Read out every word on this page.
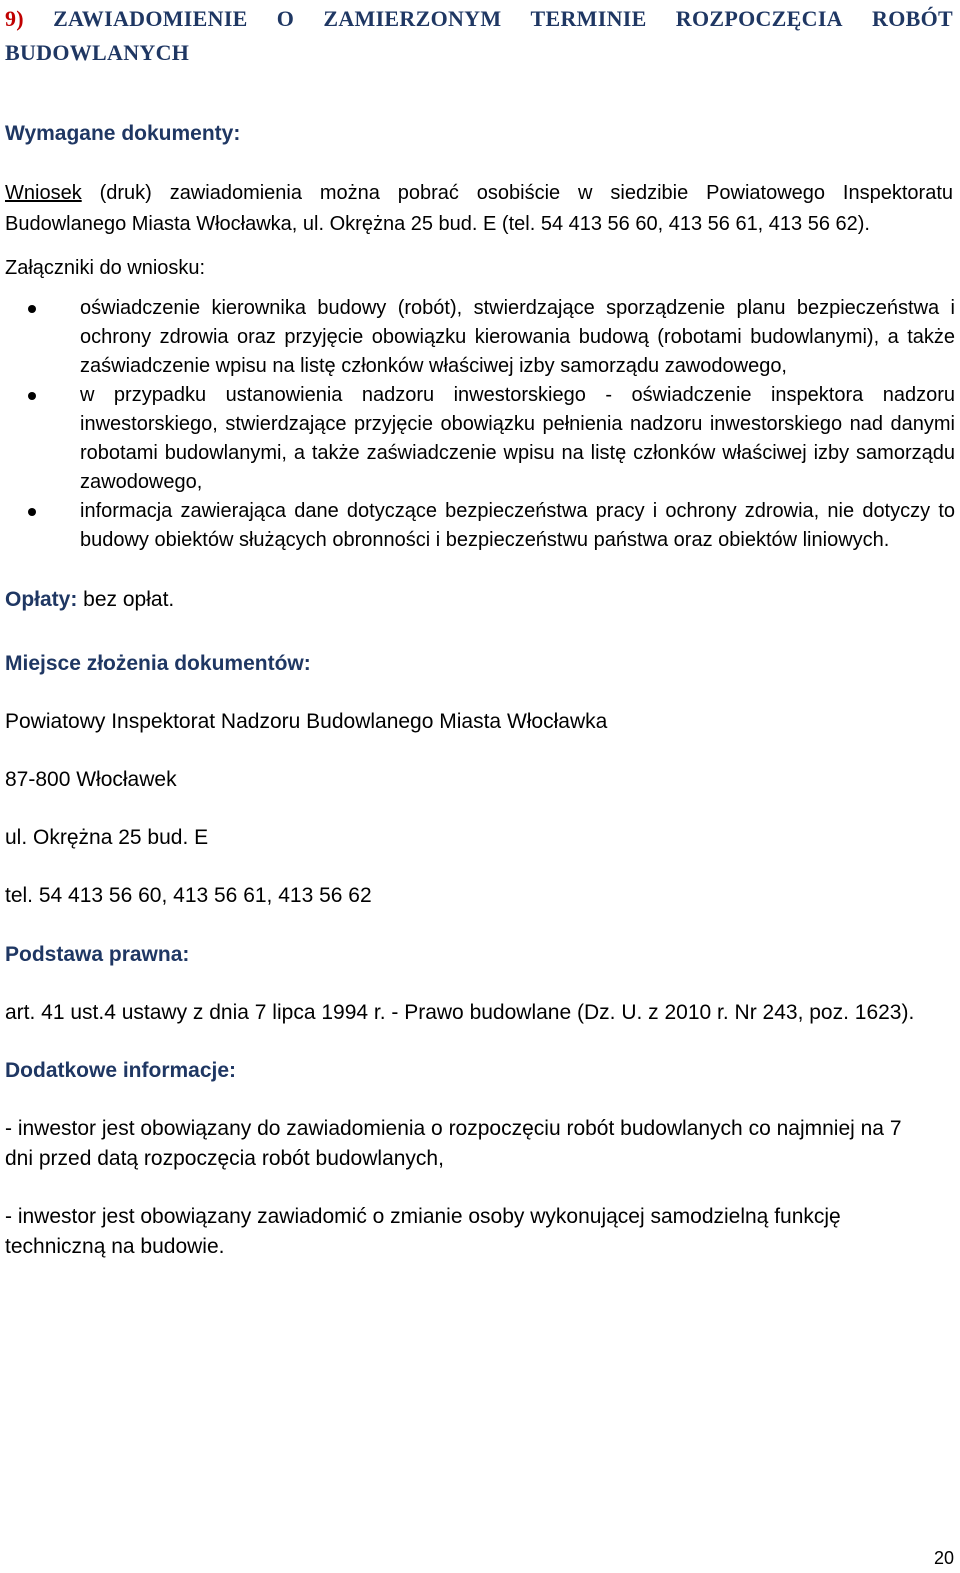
9) ZAWIADOMIENIE O ZAMIERZONYM TERMINIE ROZPOCZĘCIA ROBÓT
BUDOWLANYCH
Wymagane dokumenty:
Wniosek (druk) zawiadomienia można pobrać osobiście w siedzibie Powiatowego Inspektoratu Budowlanego Miasta Włocławka, ul. Okrężna 25 bud. E (tel. 54 413 56 60, 413 56 61, 413 56 62).
Załączniki do wniosku:
oświadczenie kierownika budowy (robót), stwierdzające sporządzenie planu bezpieczeństwa i ochrony zdrowia oraz przyjęcie obowiązku kierowania budową (robotami budowlanymi), a także zaświadczenie wpisu na listę członków właściwej izby samorządu zawodowego,
w przypadku ustanowienia nadzoru inwestorskiego - oświadczenie inspektora nadzoru inwestorskiego, stwierdzające przyjęcie obowiązku pełnienia nadzoru inwestorskiego nad danymi robotami budowlanymi, a także zaświadczenie wpisu na listę członków właściwej izby samorządu zawodowego,
informacja zawierająca dane dotyczące bezpieczeństwa pracy i ochrony zdrowia, nie dotyczy to budowy obiektów służących obronności i bezpieczeństwu państwa oraz obiektów liniowych.
Opłaty: bez opłat.
Miejsce złożenia dokumentów:
Powiatowy Inspektorat Nadzoru Budowlanego Miasta Włocławka
87-800 Włocławek
ul. Okrężna 25 bud. E
tel. 54 413 56 60, 413 56 61, 413 56 62
Podstawa prawna:
art. 41 ust.4 ustawy z dnia 7 lipca 1994 r. - Prawo budowlane (Dz. U. z 2010 r. Nr 243, poz. 1623).
Dodatkowe informacje:
- inwestor jest obowiązany do zawiadomienia o rozpoczęciu robót budowlanych co najmniej na 7 dni przed datą rozpoczęcia robót budowlanych,
- inwestor jest obowiązany zawiadomić o zmianie osoby wykonującej samodzielną funkcję techniczną na budowie.
20
